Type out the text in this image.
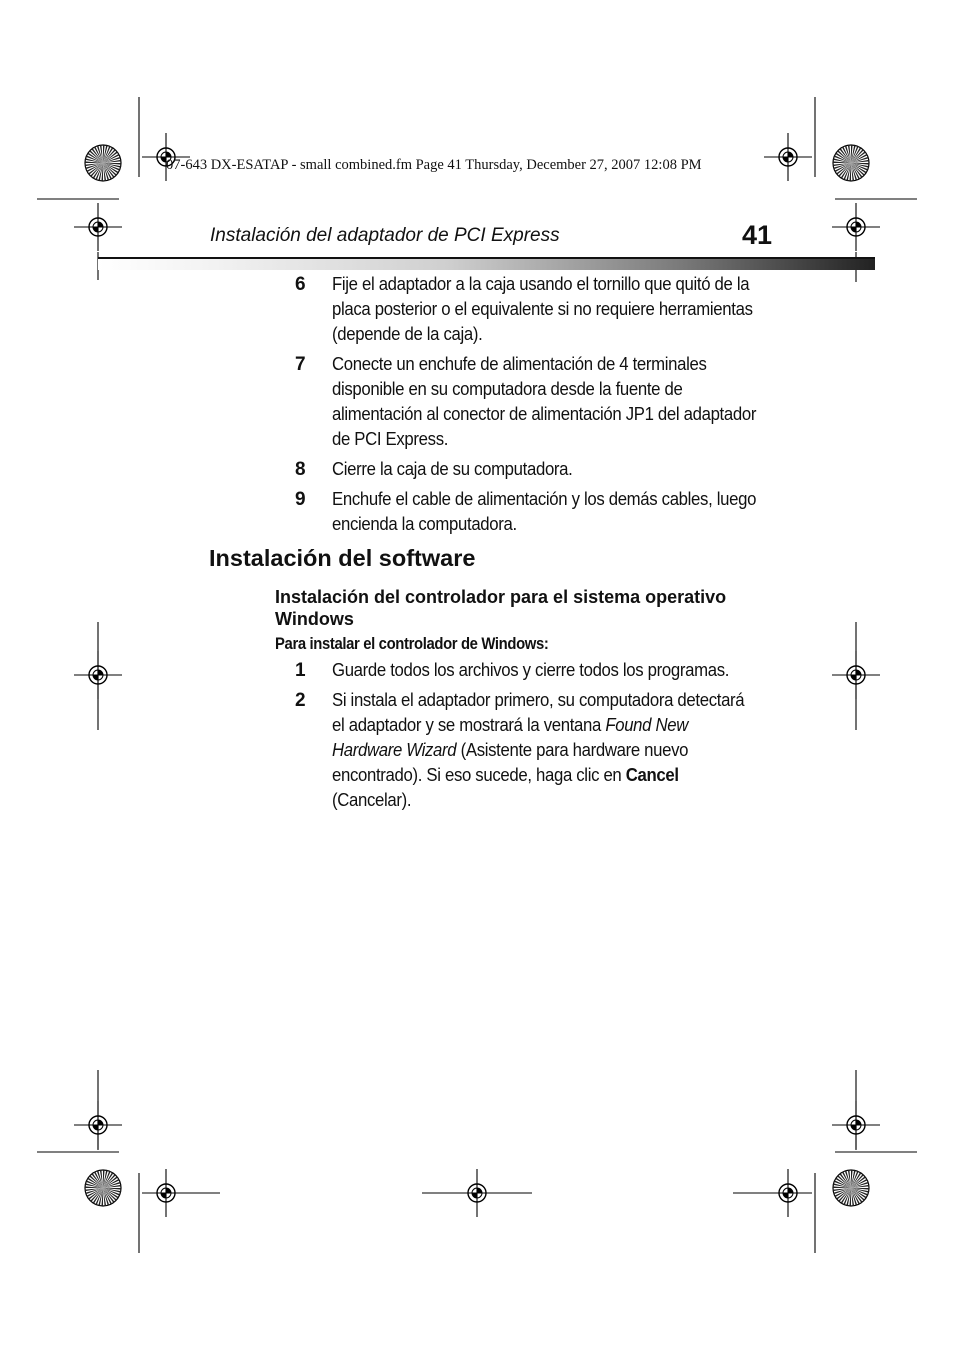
07-643 DX-ESATAP - small combined.fm Page 41 Thursday, December 27, 2007 12:08 PM
Instalación del adaptador de PCI Express	41
6	Fije el adaptador a la caja usando el tornillo que quitó de la placa posterior o el equivalente si no requiere herramientas (depende de la caja).
7	Conecte un enchufe de alimentación de 4 terminales disponible en su computadora desde la fuente de alimentación al conector de alimentación JP1 del adaptador de PCI Express.
8	Cierre la caja de su computadora.
9	Enchufe el cable de alimentación y los demás cables, luego encienda la computadora.
Instalación del software
Instalación del controlador para el sistema operativo Windows
Para instalar el controlador de Windows:
1	Guarde todos los archivos y cierre todos los programas.
2	Si instala el adaptador primero, su computadora detectará el adaptador y se mostrará la ventana Found New Hardware Wizard (Asistente para hardware nuevo encontrado). Si eso sucede, haga clic en Cancel (Cancelar).
